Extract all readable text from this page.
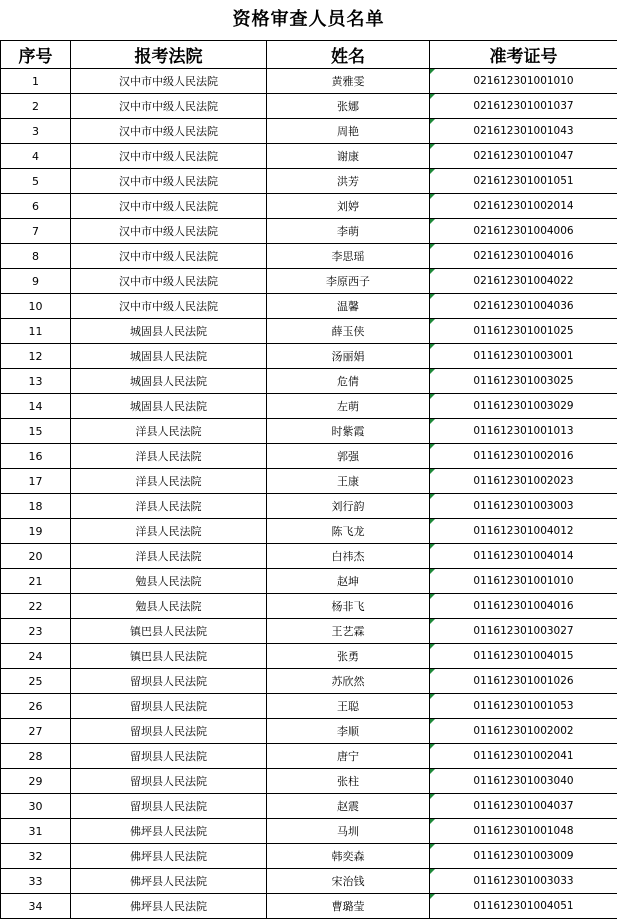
资格审查人员名单
序号	报考法院	姓名	准考证号
1	汉中市中级人民法院	黄雅雯	021612301001010
2	汉中市中级人民法院	张娜	021612301001037
3	汉中市中级人民法院	周艳	021612301001043
4	汉中市中级人民法院	谢康	021612301001047
5	汉中市中级人民法院	洪芳	021612301001051
6	汉中市中级人民法院	刘婷	021612301002014
7	汉中市中级人民法院	李萌	021612301004006
8	汉中市中级人民法院	李思瑶	021612301004016
9	汉中市中级人民法院	李原西子	021612301004022
10	汉中市中级人民法院	温馨	021612301004036
11	城固县人民法院	薛玉侠	011612301001025
12	城固县人民法院	汤丽娟	011612301003001
13	城固县人民法院	危倩	011612301003025
14	城固县人民法院	左萌	011612301003029
15	洋县人民法院	时紫霞	011612301001013
16	洋县人民法院	郭强	011612301002016
17	洋县人民法院	王康	011612301002023
18	洋县人民法院	刘行韵	011612301003003
19	洋县人民法院	陈飞龙	011612301004012
20	洋县人民法院	白祎杰	011612301004014
21	勉县人民法院	赵坤	011612301001010
22	勉县人民法院	杨非飞	011612301004016
23	镇巴县人民法院	王艺霖	011612301003027
24	镇巴县人民法院	张勇	011612301004015
25	留坝县人民法院	苏欣然	011612301001026
26	留坝县人民法院	王聪	011612301001053
27	留坝县人民法院	李顺	011612301002002
28	留坝县人民法院	唐宁	011612301002041
29	留坝县人民法院	张柱	011612301003040
30	留坝县人民法院	赵震	011612301004037
31	佛坪县人民法院	马圳	011612301001048
32	佛坪县人民法院	韩奕森	011612301003009
33	佛坪县人民法院	宋治钱	011612301003033
34	佛坪县人民法院	曹璐莹	011612301004051
